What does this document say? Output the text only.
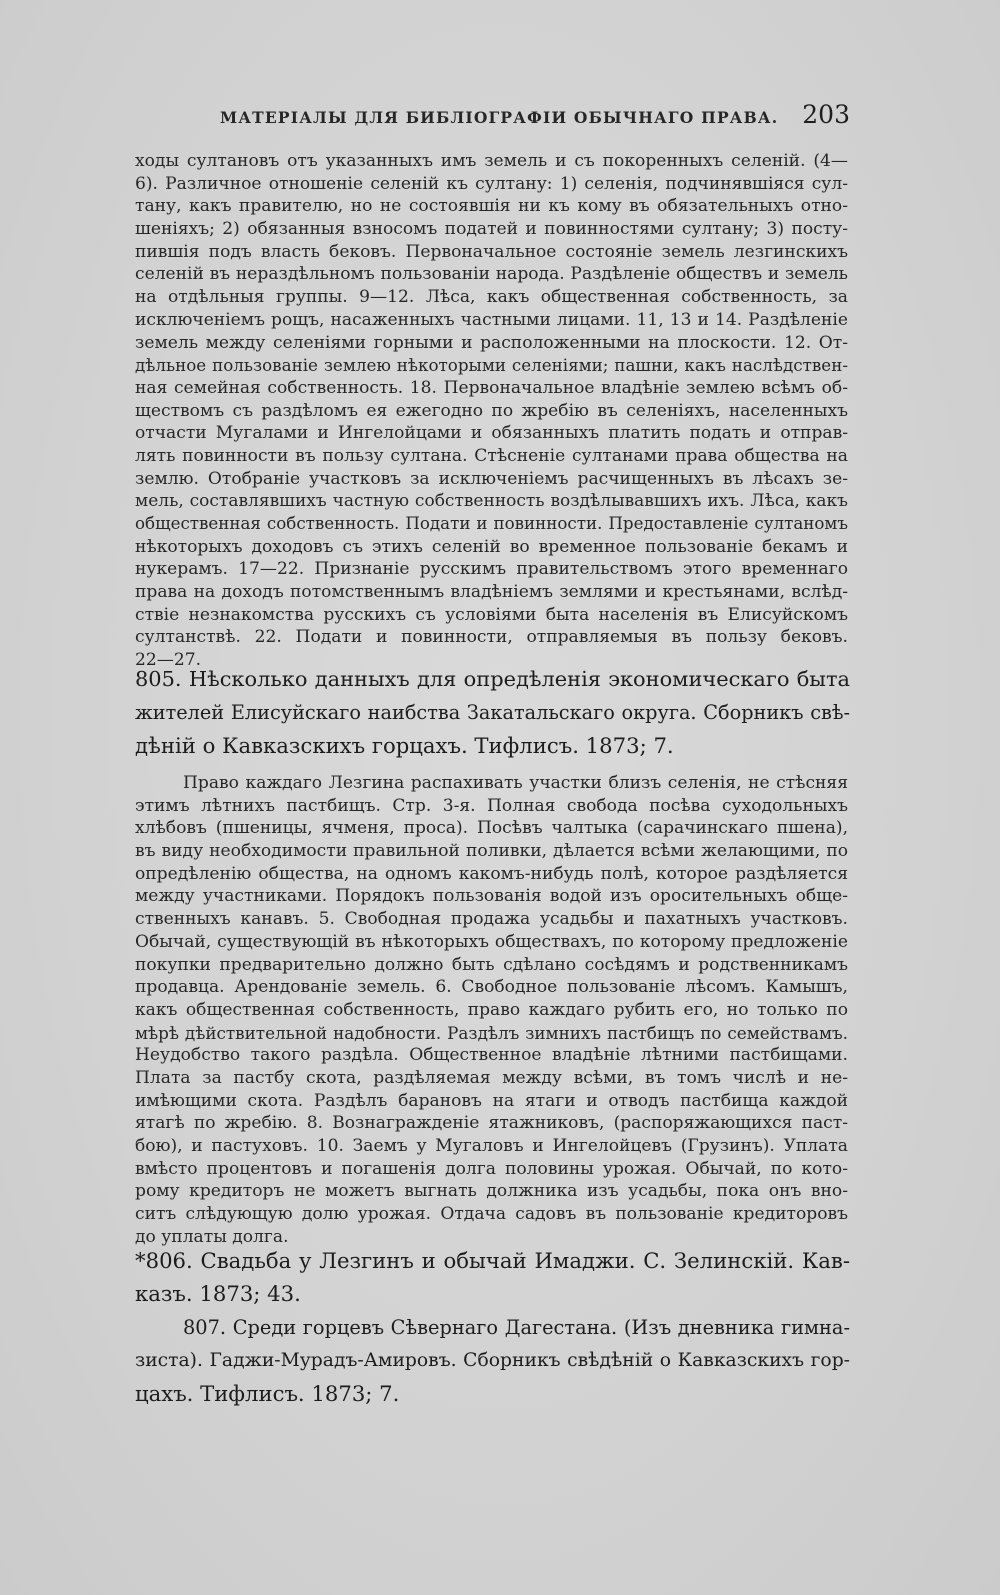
МАТЕРІАЛЫ ДЛЯ БИБЛІОГРАФІИ ОБЫЧНАГО ПРАВА. 203
ходы султановъ отъ указанныхъ имъ земель и съ покоренныхъ селеній. (4—
6). Различное отношеніе селеній къ султану: 1) селенія, подчинявшіяся сул-
тану, какъ правителю, но не состоявшія ни къ кому въ обязательныхъ отно-
шеніяхъ; 2) обязанныя взносомъ податей и повинностями султану; 3) посту-
пившія подъ власть бековъ. Первоначальное состояніе земель лезгинскихъ
селеній въ нераздѣльномъ пользованіи народа. Раздѣленіе обществъ и земель
на отдѣльныя группы. 9—12. Лѣса, какъ общественная собственность, за
исключеніемъ рощъ, насаженныхъ частными лицами. 11, 13 и 14. Раздѣленіе
земель между селеніями горными и расположенными на плоскости. 12. От-
дѣльное пользованіе землею нѣкоторыми селеніями; пашни, какъ наслѣдствен-
ная семейная собственность. 18. Первоначальное владѣніе землею всѣмъ об-
ществомъ съ раздѣломъ ея ежегодно по жребію въ селеніяхъ, населенныхъ
отчасти Мугалами и Ингелойцами и обязанныхъ платить подать и отправ-
лять повинности въ пользу султана. Стѣсненіе султанами права общества на
землю. Отобраніе участковъ за исключеніемъ расчищенныхъ въ лѣсахъ зе-
мель, составлявшихъ частную собственность воздѣлывавшихъ ихъ. Лѣса, какъ
общественная собственность. Подати и повинности. Предоставленіе султаномъ
нѣкоторыхъ доходовъ съ этихъ селеній во временное пользованіе бекамъ и
нукерамъ. 17—22. Признаніе русскимъ правительствомъ этого временнаго
права на доходъ потомственнымъ владѣніемъ землями и крестьянами, вслѣд-
ствіе незнакомства русскихъ съ условіями быта населенія въ Елисуйскомъ
султанствѣ. 22. Подати и повинности, отправляемыя въ пользу бековъ.
22—27.
805. Нѣсколько данныхъ для опредѣленія экономическаго быта
жителей Елисуйскаго наибства Закатальскаго округа. Сборникъ свѣ-
дѣній о Кавказскихъ горцахъ. Тифлисъ. 1873; 7.
Право каждаго Лезгина распахивать участки близъ селенія, не стѣсняя
этимъ лѣтнихъ пастбищъ. Стр. 3-я. Полная свобода посѣва суходольныхъ
хлѣбовъ (пшеницы, ячменя, проса). Посѣвъ чалтыка (сарачинскаго пшена),
въ виду необходимости правильной поливки, дѣлается всѣми желающими, по
опредѣленію общества, на одномъ какомъ-нибудь полѣ, которое раздѣляется
между участниками. Порядокъ пользованія водой изъ оросительныхъ обще-
ственныхъ канавъ. 5. Свободная продажа усадьбы и пахатныхъ участковъ.
Обычай, существующій въ нѣкоторыхъ обществахъ, по которому предложеніе
покупки предварительно должно быть сдѣлано сосѣдямъ и родственникамъ
продавца. Арендованіе земель. 6. Свободное пользованіе лѣсомъ. Камышъ,
какъ общественная собственность, право каждаго рубить его, но только по
мѣрѣ дѣйствительной надобности. Раздѣлъ зимнихъ пастбищъ по семействамъ.
Неудобство такого раздѣла. Общественное владѣніе лѣтними пастбищами.
Плата за пастбу скота, раздѣляемая между всѣми, въ томъ числѣ и не-
имѣющими скота. Раздѣлъ барановъ на ятаги и отводъ пастбища каждой
ятагѣ по жребію. 8. Вознагражденіе ятажниковъ, (распоряжающихся паст-
бою), и пастуховъ. 10. Заемъ у Мугаловъ и Ингелойцевъ (Грузинъ). Уплата
вмѣсто процентовъ и погашенія долга половины урожая. Обычай, по кото-
рому кредиторъ не можетъ выгнать должника изъ усадьбы, пока онъ вно-
ситъ слѣдующую долю урожая. Отдача садовъ въ пользованіе кредиторовъ
до уплаты долга.
*806. Свадьба у Лезгинъ и обычай Имаджи. С. Зелинскій. Кав-
казъ. 1873; 43.
807. Среди горцевъ Сѣвернаго Дагестана. (Изъ дневника гимна-
зиста). Гаджи-Мурадъ-Амировъ. Сборникъ свѣдѣній о Кавказскихъ гор-
цахъ. Тифлисъ. 1873; 7.
